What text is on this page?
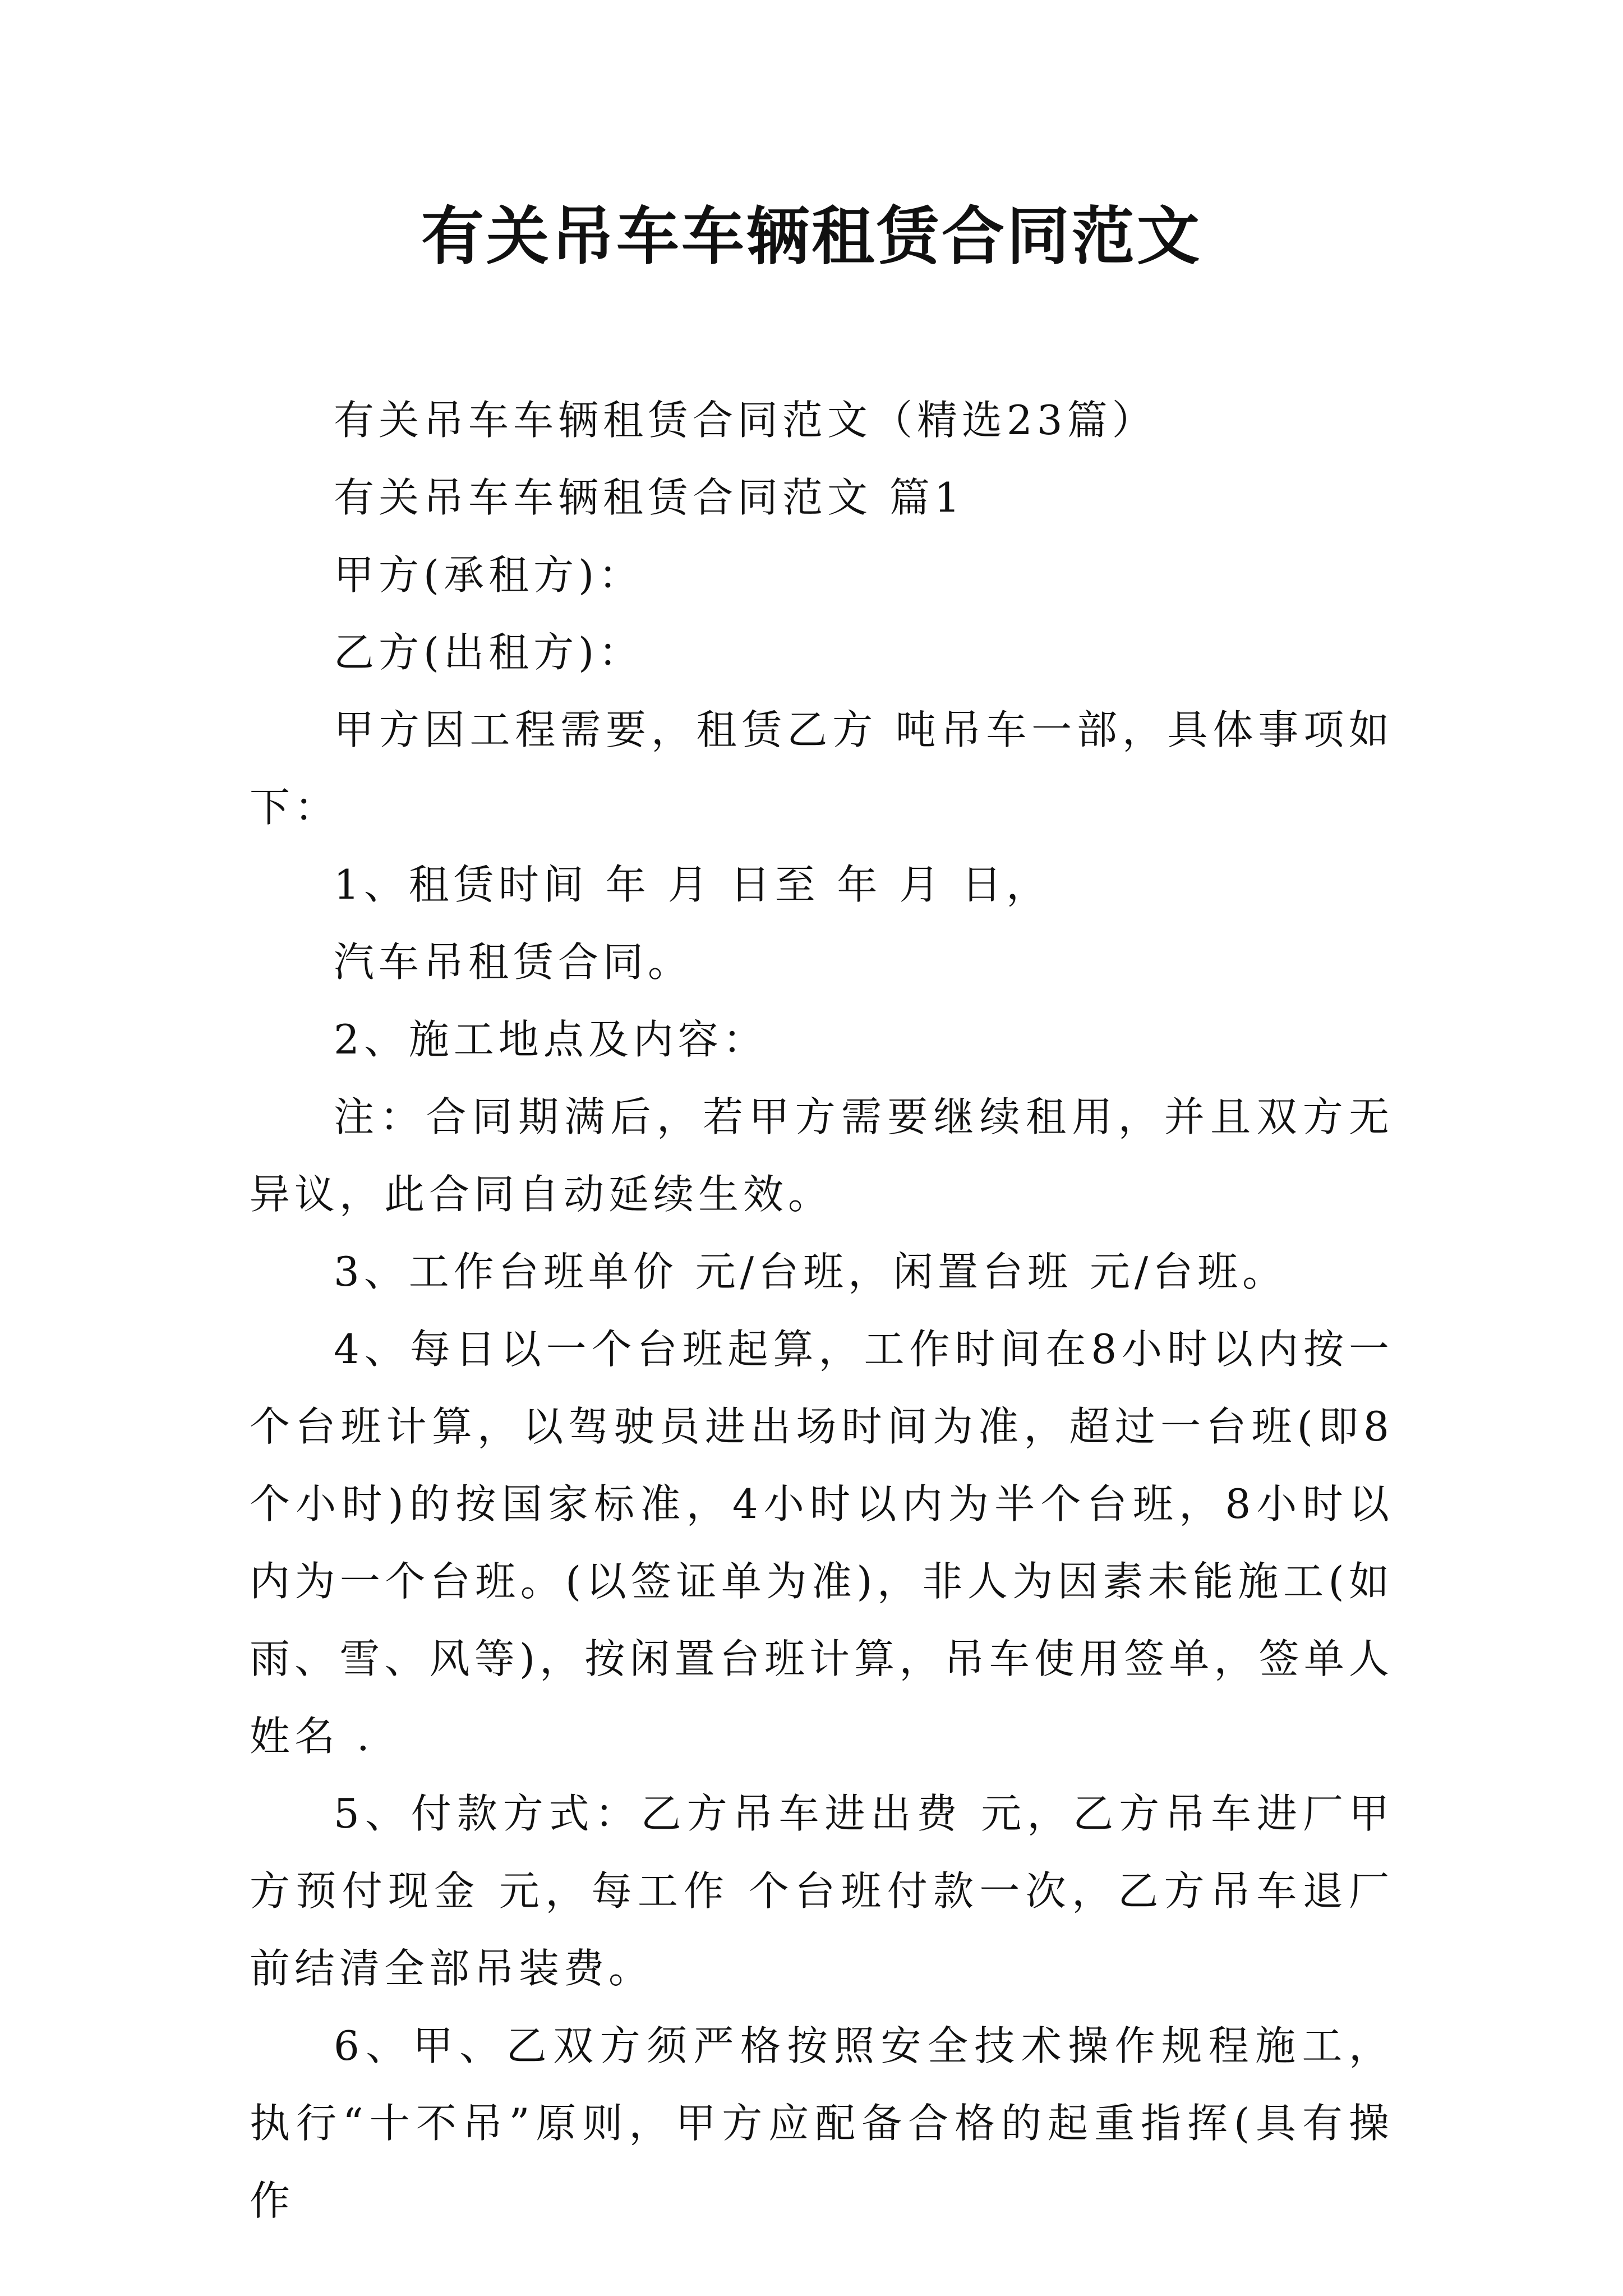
有关吊车车辆租赁合同范文

有关吊车车辆租赁合同范文（精选23篇）

有关吊车车辆租赁合同范文 篇1

甲方(承租方)：

乙方(出租方)：

甲方因工程需要，租赁乙方 吨吊车一部，具体事项如下：

1、租赁时间 年 月 日至 年 月 日，

汽车吊租赁合同。

2、施工地点及内容：

注：合同期满后，若甲方需要继续租用，并且双方无异议，此合同自动延续生效。

3、工作台班单价 元/台班，闲置台班 元/台班。

4、每日以一个台班起算，工作时间在8小时以内按一个台班计算，以驾驶员进出场时间为准，超过一台班(即8个小时)的按国家标准，4小时以内为半个台班，8小时以内为一个台班。(以签证单为准)，非人为因素未能施工(如雨、雪、风等)，按闲置台班计算，吊车使用签单，签单人姓名 .

5、付款方式：乙方吊车进出费 元，乙方吊车进厂甲方预付现金 元，每工作 个台班付款一次，乙方吊车退厂前结清全部吊装费。

6、甲、乙双方须严格按照安全技术操作规程施工，执行“十不吊”原则，甲方应配备合格的起重指挥(具有操作
